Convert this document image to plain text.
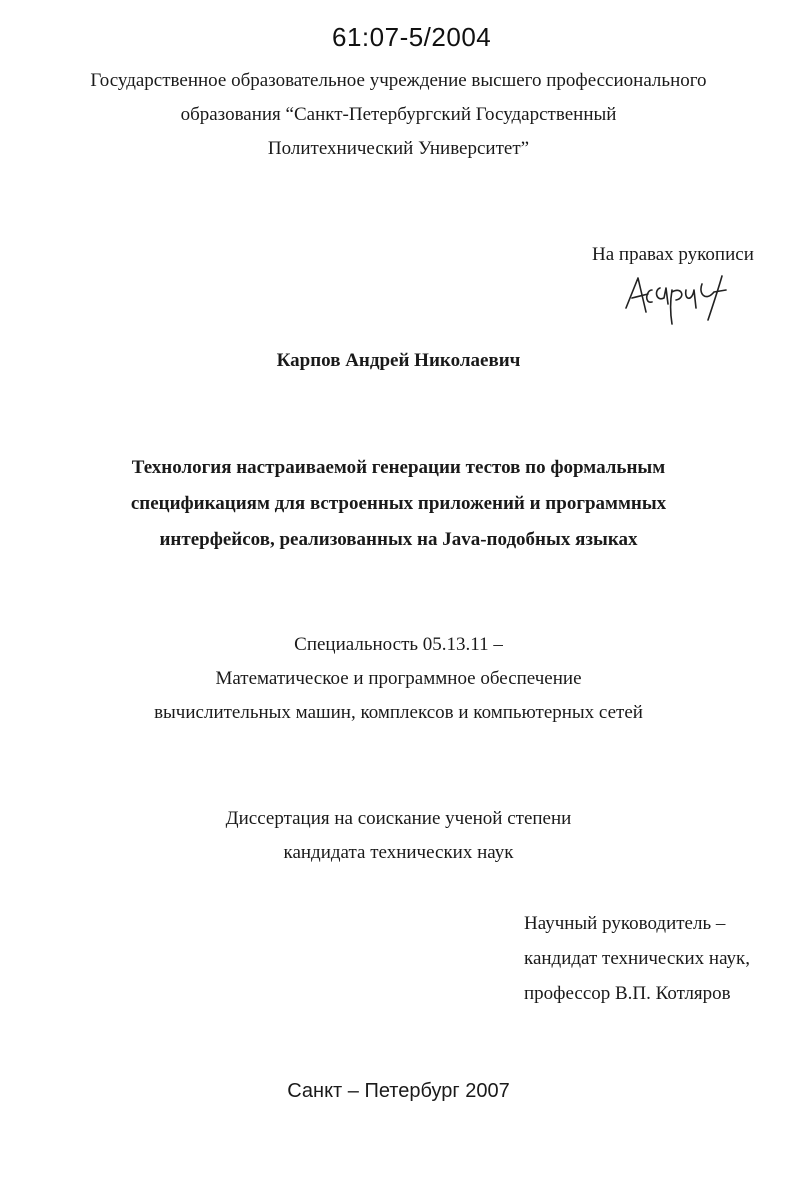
61:07-5/2004
Государственное образовательное учреждение высшего профессионального
образования “Санкт-Петербургский Государственный
Политехнический Университет”
На правах рукописи
Карпов Андрей Николаевич
Технология настраиваемой генерации тестов по формальным
спецификациям для встроенных приложений и программных
интерфейсов, реализованных на Java-подобных языках
Специальность 05.13.11 –
Математическое и программное обеспечение
вычислительных машин, комплексов и компьютерных сетей
Диссертация на соискание ученой степени
кандидата технических наук
Научный руководитель –
кандидат технических наук,
профессор В.П. Котляров
Санкт – Петербург 2007
